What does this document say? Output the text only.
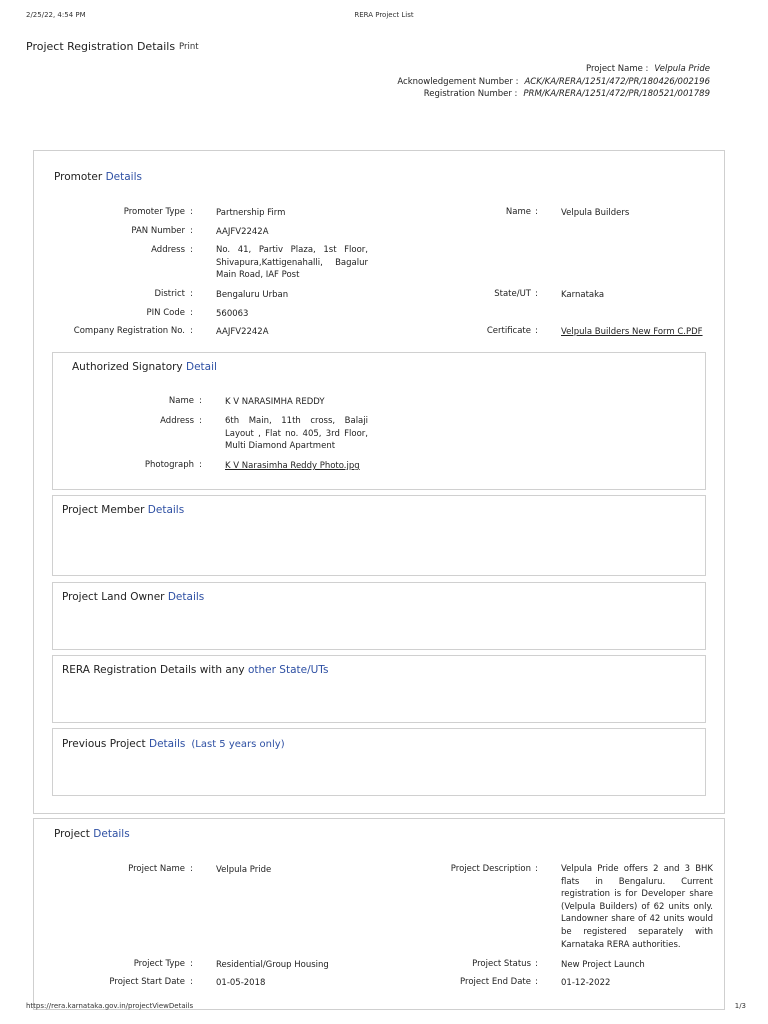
2/25/22, 4:54 PM	RERA Project List
Project Registration Details Print
Project Name : Velpula Pride
Acknowledgement Number : ACK/KA/RERA/1251/472/PR/180426/002196
Registration Number : PRM/KA/RERA/1251/472/PR/180521/001789
Promoter Details
Promoter Type :	Partnership Firm
PAN Number :	AAJFV2242A
Address :	No. 41, Partiv Plaza, 1st Floor, Shivapura,Kattigenahalli, Bagalur Main Road, IAF Post
District :	Bengaluru Urban
PIN Code :	560063
Company Registration No. :	AAJFV2242A
Name :	Velpula Builders
State/UT :	Karnataka
Certificate :	Velpula Builders New Form C.PDF
Authorized Signatory Detail
Name :	K V NARASIMHA REDDY
Address :	6th Main, 11th cross, Balaji Layout , Flat no. 405, 3rd Floor, Multi Diamond Apartment
Photograph :	K V Narasimha Reddy Photo.jpg
Project Member Details
Project Land Owner Details
RERA Registration Details with any other State/UTs
Previous Project Details (Last 5 years only)
Project Details
Project Name :	Velpula Pride
Project Type :	Residential/Group Housing
Project Start Date :	01-05-2018
Project Description :	Velpula Pride offers 2 and 3 BHK flats in Bengaluru. Current registration is for Developer share (Velpula Builders) of 62 units only. Landowner share of 42 units would be registered separately with Karnataka RERA authorities.
Project Status :	New Project Launch
Project End Date :	01-12-2022
https://rera.karnataka.gov.in/projectViewDetails	1/3
